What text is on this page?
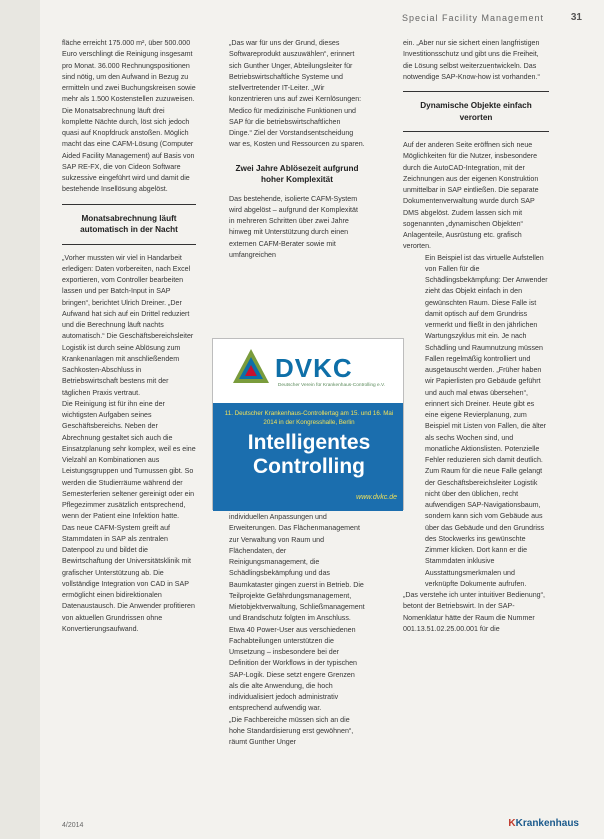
Special Facility Management	31

fläche erreicht 175.000 m², über 500.000 Euro verschlingt die Reinigung insgesamt pro Monat. 36.000 Rechnungspositionen sind nötig, um den Aufwand in Bezug zu ermitteln und zwei Buchungskreisen sowie mehr als 1.500 Kostenstellen zuzuweisen. Die Monatsabrechnung läuft drei komplette Nächte durch, löst sich jedoch quasi auf Knopfdruck anstoßen. Möglich macht das eine CAFM-Lösung (Computer Aided Facility Management) auf Basis von SAP RE-FX, die von Cideon Software sukzessive eingeführt wird und damit die bestehende Insellösung abgelöst.

Monatsabrechnung läuft automatisch in der Nacht

„Vorher mussten wir viel in Handarbeit erledigen: Daten vorbereiten, nach Excel exportieren, vom Controller bearbeiten lassen und per Batch-Input in SAP bringen“, berichtet Ulrich Dreiner. „Der Aufwand hat sich auf ein Drittel reduziert und die Berechnung läuft nachts automatisch.“ Die Geschäftsbereichsleiter Logistik ist durch seine Ablösung zum Krankenanlagen mit anschließendem Sachkosten-Abschluss in Betriebswirtschaft bestens mit der täglichen Praxis vertraut.

Die Reinigung ist für ihn eine der wichtigsten Aufgaben seines Geschäftsbereichs. Neben der Abrechnung gestaltet sich auch die Einsatzplanung sehr komplex, weil es eine Vielzahl an Kombinationen aus Leistungsgruppen und Turnussen gibt. So werden die Studierräume während der Semesterferien seltener gereinigt oder ein Pflegezimmer zusätzlich entsprechend, wenn der Patient eine Infektion hatte.

Das neue CAFM-System greift auf Stammdaten in SAP als zentralen Datenpool zu und bildet die Bewirtschaftung der Universitätsklinik mit grafischer Unterstützung ab. Die vollständige Integration von CAD in SAP ermöglicht einen bidirektionalen Datenaustausch. Die Anwender profitieren von aktuellen Grundrissen ohne Konvertierungsaufwand.

„Das war für uns der Grund, dieses Softwareprodukt auszuwählen“, erinnert sich Gunther Unger, Abteilungsleiter für Betriebswirtschaftliche Systeme und stellvertretender IT-Leiter. „Wir konzentrieren uns auf zwei Kernlösungen: Medico für medizinische Funktionen und SAP für die betriebswirtschaftlichen Dinge.“ Ziel der Vorstandsentscheidung war es, Kosten und Ressourcen zu sparen.

Zwei Jahre Ablösezeit aufgrund hoher Komplexität

Das bestehende, isolierte CAFM-System wird abgelöst – aufgrund der Komplexität in mehreren Schritten über zwei Jahre hinweg mit Unterstützung durch einen externen CAFM-Berater sowie mit umfangreichen

individuellen Anpassungen und Erweiterungen. Das Flächenmanagement zur Verwaltung von Raum und Flächendaten, der Reinigungsmanagement, die Schädlingsbekämpfung und das Baumkataster gingen zuerst in Betrieb. Die Teilprojekte Gefährdungsmanagement, Mietobjektverwaltung, Schließmanagement und Brandschutz folgten im Anschluss. Etwa 40 Power-User aus verschiedenen Fachabteilungen unterstützen die Umsetzung – insbesondere bei der Definition der Workflows in der typischen SAP-Logik. Diese setzt engere Grenzen als die alte Anwendung, die hoch individualisiert jedoch administrativ entsprechend aufwendig war.

„Die Fachbereiche müssen sich an die hohe Standardisierung erst gewöhnen“, räumt Gunther Unger

ein. „Aber nur sie sichert einen langfristigen Investitionsschutz und gibt uns die Freiheit, die Lösung selbst weiterzuentwickeln. Das notwendige SAP-Know-how ist vorhanden.“

Dynamische Objekte einfach verorten

Auf der anderen Seite eröffnen sich neue Möglichkeiten für die Nutzer, insbesondere durch die AutoCAD-Integration, mit der Zeichnungen aus der eigenen Konstruktion unmittelbar in SAP eintließen. Die separate Dokumentenverwaltung wurde durch SAP DMS abgelöst. Zudem lassen sich mit sogenannten „dynamischen Objekten“ Anlagenteile, Ausrüstung etc. grafisch verorten.

Ein Beispiel ist das virtuelle Aufstellen von Fallen für die Schädlingsbekämpfung: Der Anwender zieht das Objekt einfach in den gewünschten Raum. Diese Falle ist damit optisch auf dem Grundriss vermerkt und fließt in den jährlichen Wartungszyklus mit ein. Je nach Schädling und Raumnutzung müssen Fallen regelmäßig kontrolliert und ausgetauscht werden. „Früher haben wir Papierlisten pro Gebäude geführt und auch mal etwas übersehen“, erinnert sich Dreiner. Heute gibt es eine eigene Revierplanung, zum Beispiel mit Listen von Fallen, die älter als sechs Wochen sind, und monatliche Aktionslisten. Potenzielle Fehler reduzieren sich damit deutlich. Zum Raum für die neue Falle gelangt der Geschäftsbereichsleiter Logistik nicht über den üblichen, recht aufwendigen SAP-Navigationsbaum, sondern kann sich vom Gebäude aus über das Gebäude und den Grundriss des Stockwerks ins gewünschte Zimmer klicken. Dort kann er die Stammdaten inklusive Ausstattungsmerkmalen und verknüpfte Dokumente aufrufen.

„Das verstehe ich unter intuitiver Bedienung“, betont der Betriebswirt. In der SAP-Nomenklatur hätte der Raum die Nummer 001.13.51.02.25.00.001 für die

DVKC
Deutscher Verein für Krankenhaus-Controlling e.V.
11. Deutscher Krankenhaus-Controllertag am 15. und 16. Mai 2014 in der Kongresshalle, Berlin
Intelligentes Controlling
www.dvkc.de
4/2014	KKrankenhaus
